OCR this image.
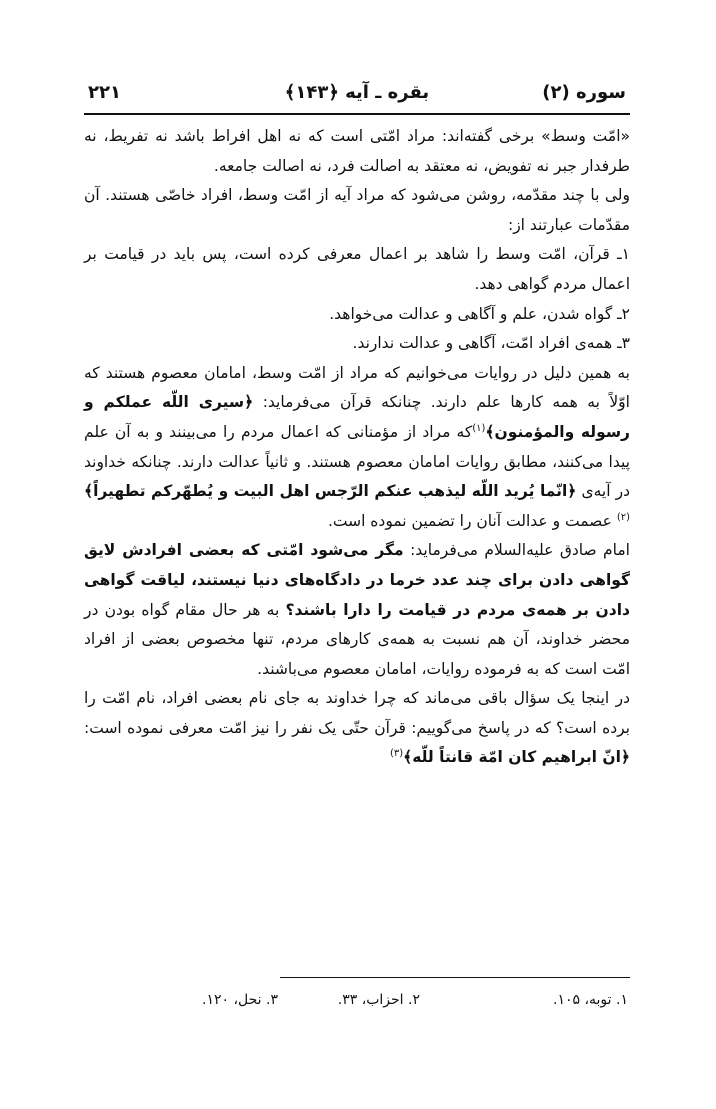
سوره (۲)
بقره ـ آیه ﴿۱۴۳﴾
۲۲۱

«امّت وسط» برخی گفته‌اند: مراد امّتی است که نه اهل افراط باشد نه تفریط، نه طرفدار جبر نه تفویض، نه معتقد به اصالت فرد، نه اصالت جامعه.

ولی با چند مقدّمه، روشن می‌شود که مراد آیه از امّت وسط، افراد خاصّی هستند. آن مقدّمات عبارتند از:

۱ـ قرآن، امّت وسط را شاهد بر اعمال معرفی کرده است، پس باید در قیامت بر اعمال مردم گواهی دهد.

۲ـ گواه شدن، علم و آگاهی و عدالت می‌خواهد.

۳ـ همه‌ی افراد امّت، آگاهی و عدالت ندارند.

به همین دلیل در روایات می‌خوانیم که مراد از امّت وسط، امامان معصوم هستند که اوّلاً به همه کارها علم دارند. چنانکه قرآن می‌فرماید: ﴿سیری اللّه عملکم و رسوله والمؤمنون﴾$^{(۱)}$که مراد از مؤمنانی که اعمال مردم را می‌بینند و به آن علم پیدا می‌کنند، مطابق روایات امامان معصوم هستند. و ثانیاً عدالت دارند. چنانکه خداوند در آیه‌ی ﴿انّما یُرید اللّه لیذهب عنکم الرّجس اهل البیت و یُطهّرکم تطهیراً﴾$^{(۲)}$ عصمت و عدالت آنان را تضمین نموده است.

امام صادق علیه‌السلام می‌فرماید: مگر می‌شود امّتی که بعضی افرادش لایق گواهی دادن برای چند عدد خرما در دادگاه‌های دنیا نیستند، لیاقت گواهی دادن بر همه‌ی مردم در قیامت را دارا باشند؟ به هر حال مقام گواه بودن در محضر خداوند، آن هم نسبت به همه‌ی کارهای مردم، تنها مخصوص بعضی از افراد امّت است که به فرموده روایات، امامان معصوم می‌باشند.

در اینجا یک سؤال باقی می‌ماند که چرا خداوند به جای نام بعضی افراد، نام امّت را برده است؟ که در پاسخ می‌گوییم: قرآن حتّی یک نفر را نیز امّت معرفی نموده است: ﴿انّ ابراهیم کان امّة قانتاً للّه﴾$^{(۳)}$

۱. توبه، ۱۰۵.
۲. احزاب، ۳۳.
۳. نحل، ۱۲۰.
